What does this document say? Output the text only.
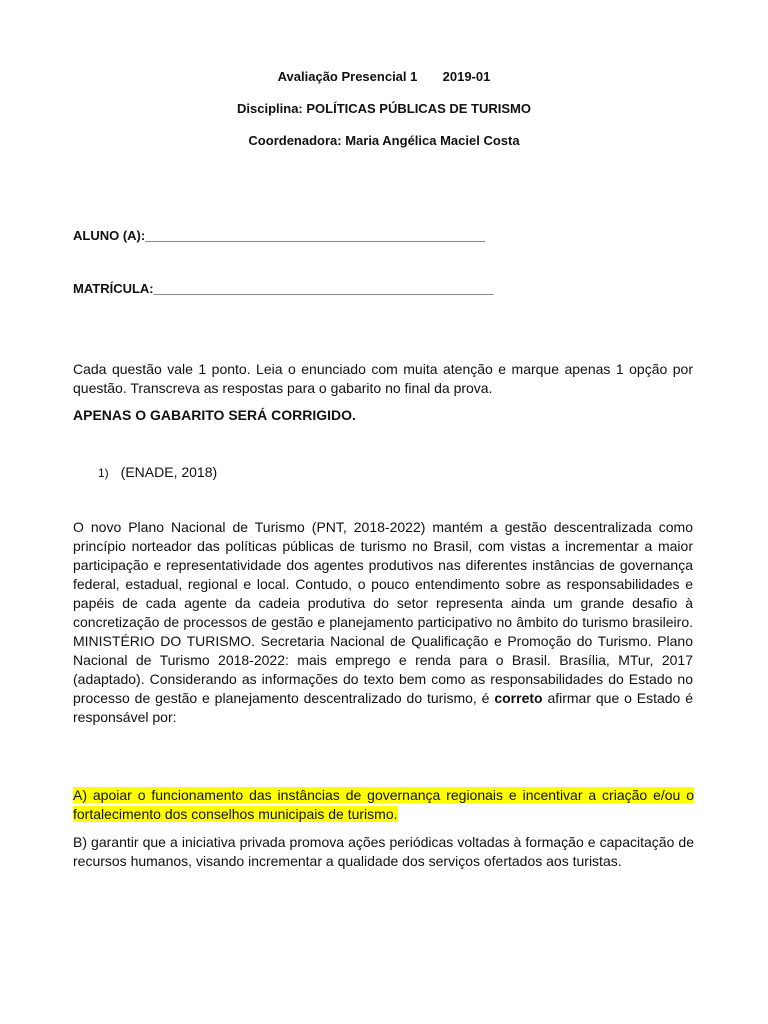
Avaliação Presencial 1       2019-01
Disciplina: POLÍTICAS PÚBLICAS DE TURISMO
Coordenadora: Maria Angélica Maciel Costa
ALUNO (A):_______________________________________________
MATRÍCULA:_______________________________________________
Cada questão vale 1 ponto. Leia o enunciado com muita atenção e marque apenas 1 opção por questão. Transcreva as respostas para o gabarito no final da prova.
APENAS O GABARITO SERÁ CORRIGIDO.
1) (ENADE, 2018)
O novo Plano Nacional de Turismo (PNT, 2018-2022) mantém a gestão descentralizada como princípio norteador das políticas públicas de turismo no Brasil, com vistas a incrementar a maior participação e representatividade dos agentes produtivos nas diferentes instâncias de governança federal, estadual, regional e local. Contudo, o pouco entendimento sobre as responsabilidades e papéis de cada agente da cadeia produtiva do setor representa ainda um grande desafio à concretização de processos de gestão e planejamento participativo no âmbito do turismo brasileiro. MINISTÉRIO DO TURISMO. Secretaria Nacional de Qualificação e Promoção do Turismo. Plano Nacional de Turismo 2018-2022: mais emprego e renda para o Brasil. Brasília, MTur, 2017 (adaptado). Considerando as informações do texto bem como as responsabilidades do Estado no processo de gestão e planejamento descentralizado do turismo, é correto afirmar que o Estado é responsável por:
A) apoiar o funcionamento das instâncias de governança regionais e incentivar a criação e/ou o fortalecimento dos conselhos municipais de turismo.
B) garantir que a iniciativa privada promova ações periódicas voltadas à formação e capacitação de recursos humanos, visando incrementar a qualidade dos serviços ofertados aos turistas.
